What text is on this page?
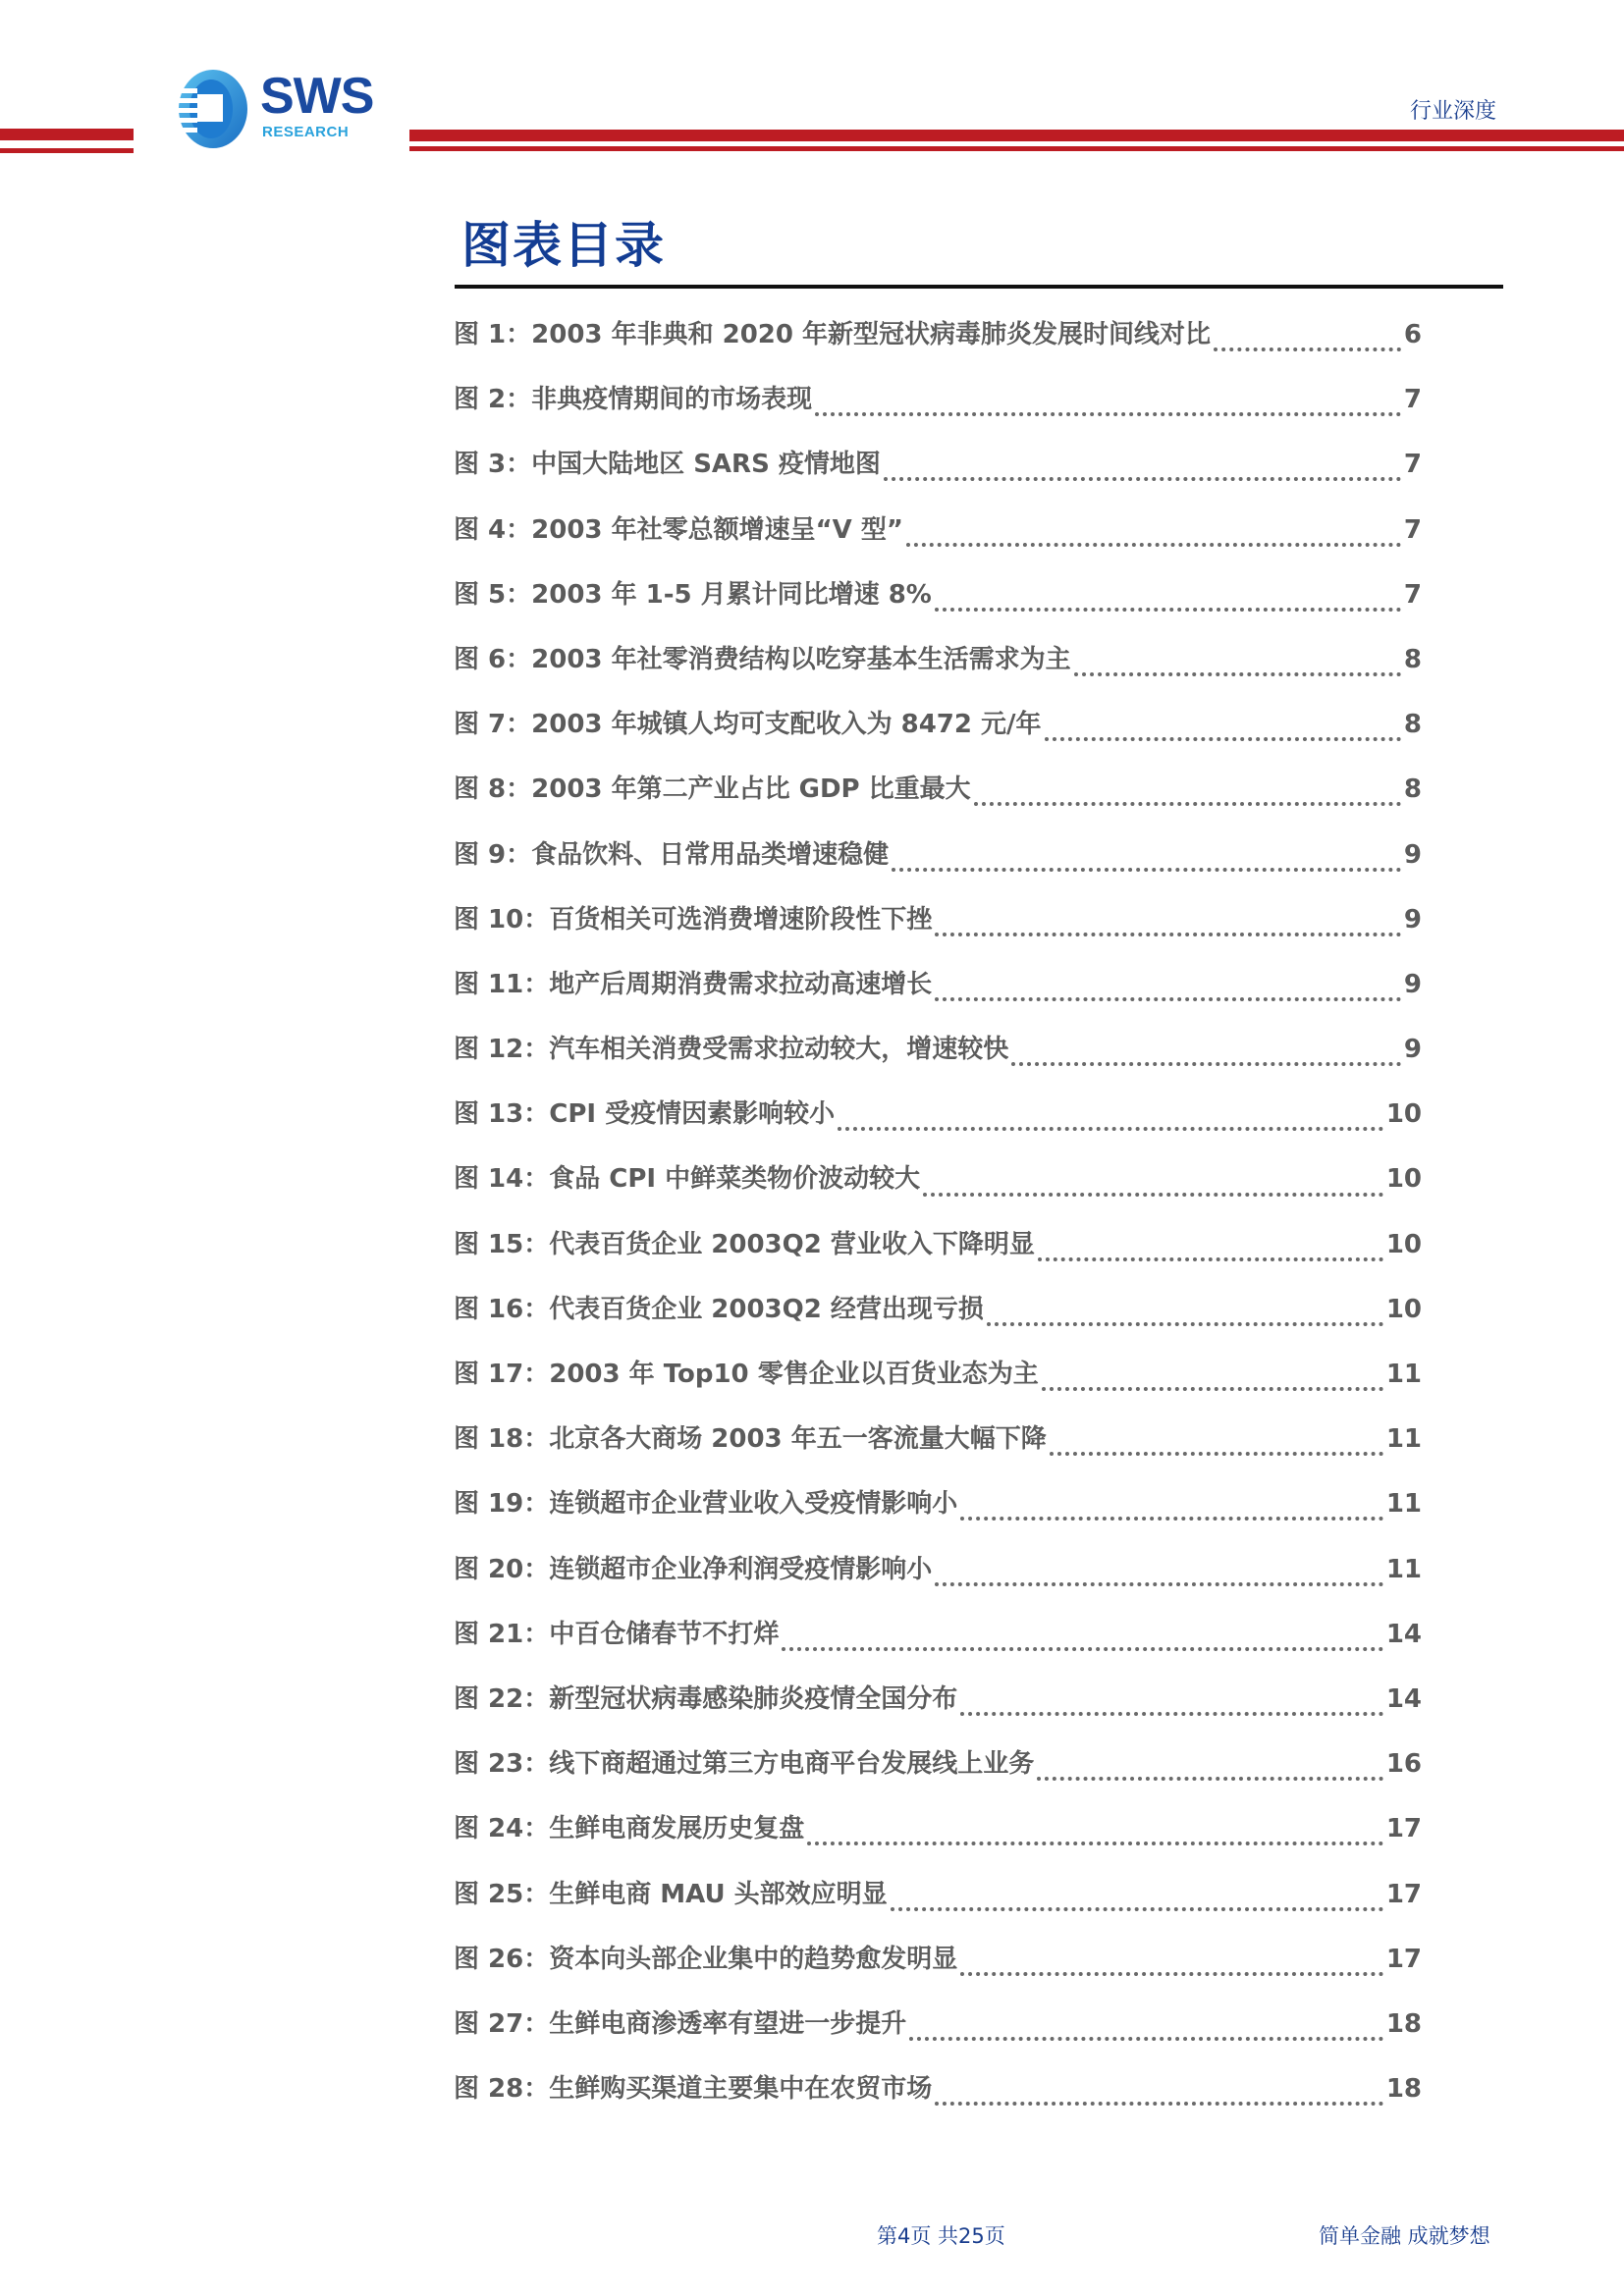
SWS
RESEARCH
行业深度
图表目录
图 1： 2003 年非典和 2020 年新型冠状病毒肺炎发展时间线对比	6
图 2： 非典疫情期间的市场表现	7
图 3： 中国大陆地区 SARS 疫情地图	7
图 4： 2003 年社零总额增速呈“V 型”	7
图 5： 2003 年 1-5 月累计同比增速 8%	7
图 6： 2003 年社零消费结构以吃穿基本生活需求为主	8
图 7： 2003 年城镇人均可支配收入为 8472 元/年	8
图 8： 2003 年第二产业占比 GDP 比重最大	8
图 9： 食品饮料、日常用品类增速稳健	9
图 10： 百货相关可选消费增速阶段性下挫	9
图 11： 地产后周期消费需求拉动高速增长	9
图 12： 汽车相关消费受需求拉动较大，增速较快	9
图 13： CPI 受疫情因素影响较小	10
图 14： 食品 CPI 中鲜菜类物价波动较大	10
图 15： 代表百货企业 2003Q2 营业收入下降明显	10
图 16： 代表百货企业 2003Q2 经营出现亏损	10
图 17： 2003 年 Top10 零售企业以百货业态为主	11
图 18： 北京各大商场 2003 年五一客流量大幅下降	11
图 19： 连锁超市企业营业收入受疫情影响小	11
图 20： 连锁超市企业净利润受疫情影响小	11
图 21： 中百仓储春节不打烊	14
图 22： 新型冠状病毒感染肺炎疫情全国分布	14
图 23： 线下商超通过第三方电商平台发展线上业务	16
图 24： 生鲜电商发展历史复盘	17
图 25： 生鲜电商 MAU 头部效应明显	17
图 26： 资本向头部企业集中的趋势愈发明显	17
图 27： 生鲜电商渗透率有望进一步提升	18
图 28： 生鲜购买渠道主要集中在农贸市场	18
第4页 共25页	简单金融 成就梦想
